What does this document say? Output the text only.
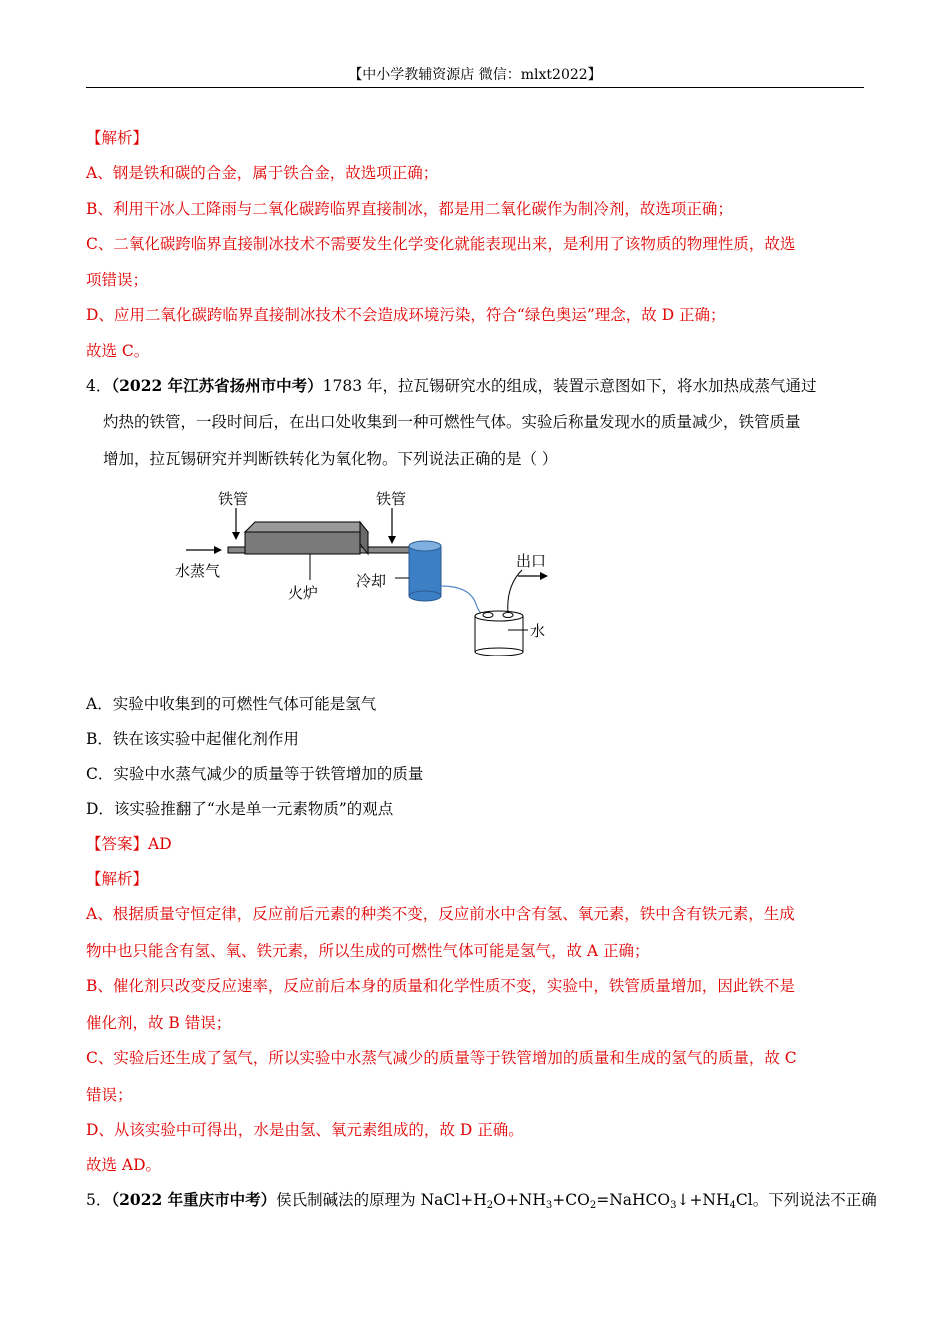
【中小学教辅资源店 微信：mlxt2022】
【解析】
A、钢是铁和碳的合金，属于铁合金，故选项正确；
B、利用干冰人工降雨与二氧化碳跨临界直接制冰，都是用二氧化碳作为制冷剂，故选项正确；
C、二氧化碳跨临界直接制冰技术不需要发生化学变化就能表现出来，是利用了该物质的物理性质，故选
项错误；
D、应用二氧化碳跨临界直接制冰技术不会造成环境污染，符合“绿色奥运”理念，故 D 正确；
故选 C。
4．（2022 年江苏省扬州市中考）1783 年，拉瓦锡研究水的组成，装置示意图如下，将水加热成蒸气通过
灼热的铁管，一段时间后，在出口处收集到一种可燃性气体。实验后称量发现水的质量减少，铁管质量
增加，拉瓦锡研究并判断铁转化为氧化物。下列说法正确的是（ ）
铁管	铁管
水蒸气
火炉
冷却
出口
水
A．实验中收集到的可燃性气体可能是氢气
B．铁在该实验中起催化剂作用
C．实验中水蒸气减少的质量等于铁管增加的质量
D．该实验推翻了“水是单一元素物质”的观点
【答案】AD
【解析】
A、根据质量守恒定律，反应前后元素的种类不变，反应前水中含有氢、氧元素，铁中含有铁元素，生成
物中也只能含有氢、氧、铁元素，所以生成的可燃性气体可能是氢气，故 A 正确；
B、催化剂只改变反应速率，反应前后本身的质量和化学性质不变，实验中，铁管质量增加，因此铁不是
催化剂，故 B 错误；
C、实验后还生成了氢气，所以实验中水蒸气减少的质量等于铁管增加的质量和生成的氢气的质量，故 C
错误；
D、从该实验中可得出，水是由氢、氧元素组成的，故 D 正确。
故选 AD。
5．（2022 年重庆市中考）侯氏制碱法的原理为 $NaCl+H_2O+NH_3+CO_2=NaHCO_3↓+NH_4Cl$。下列说法不正确
